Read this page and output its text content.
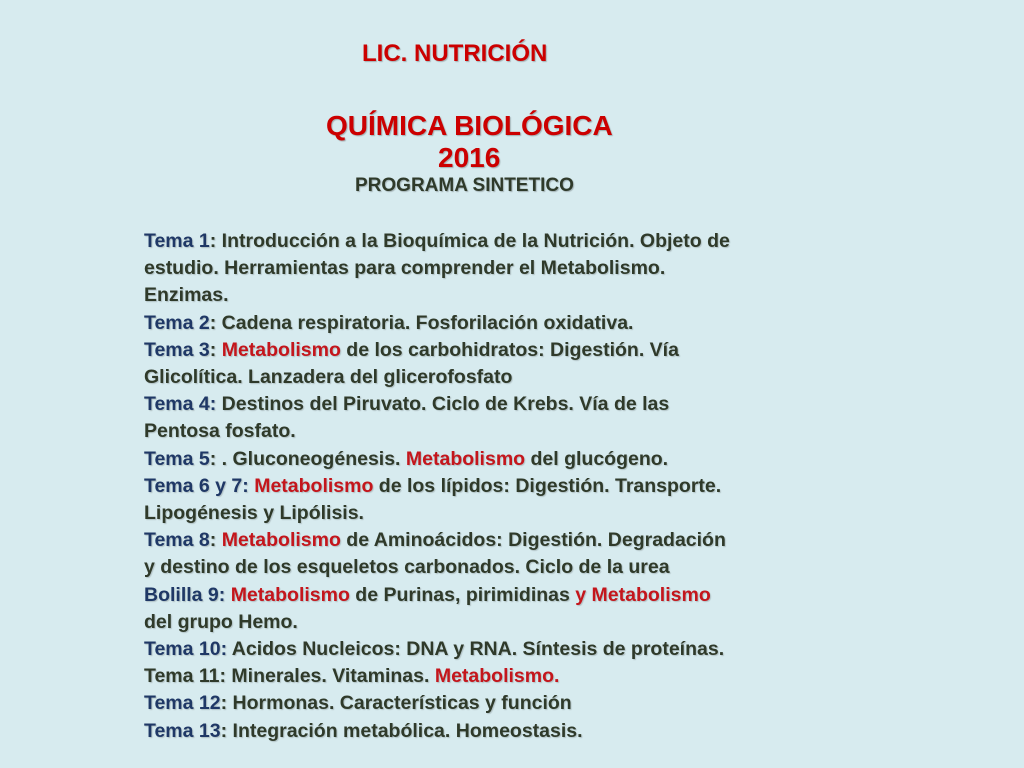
LIC. NUTRICIÓN
QUÍMICA BIOLÓGICA
2016
PROGRAMA SINTETICO
Tema 1: Introducción a la Bioquímica de la Nutrición. Objeto de
estudio. Herramientas para comprender el Metabolismo.
Enzimas.
Tema 2: Cadena respiratoria. Fosforilación oxidativa.
Tema 3: Metabolismo de los carbohidratos: Digestión. Vía
Glicolítica. Lanzadera del glicerofosfato
Tema 4: Destinos del Piruvato. Ciclo de Krebs. Vía de las
Pentosa fosfato.
Tema 5: . Gluconeogénesis. Metabolismo del glucógeno.
Tema 6 y 7: Metabolismo de los lípidos: Digestión. Transporte.
Lipogénesis y Lipólisis.
Tema 8: Metabolismo de Aminoácidos: Digestión. Degradación
y destino de los esqueletos carbonados. Ciclo de la urea
Bolilla 9: Metabolismo de Purinas, pirimidinas y Metabolismo
del grupo Hemo.
Tema 10: Acidos Nucleicos: DNA y RNA. Síntesis de proteínas.
Tema 11: Minerales. Vitaminas. Metabolismo.
Tema 12: Hormonas. Características y función
Tema 13: Integración metabólica. Homeostasis.
